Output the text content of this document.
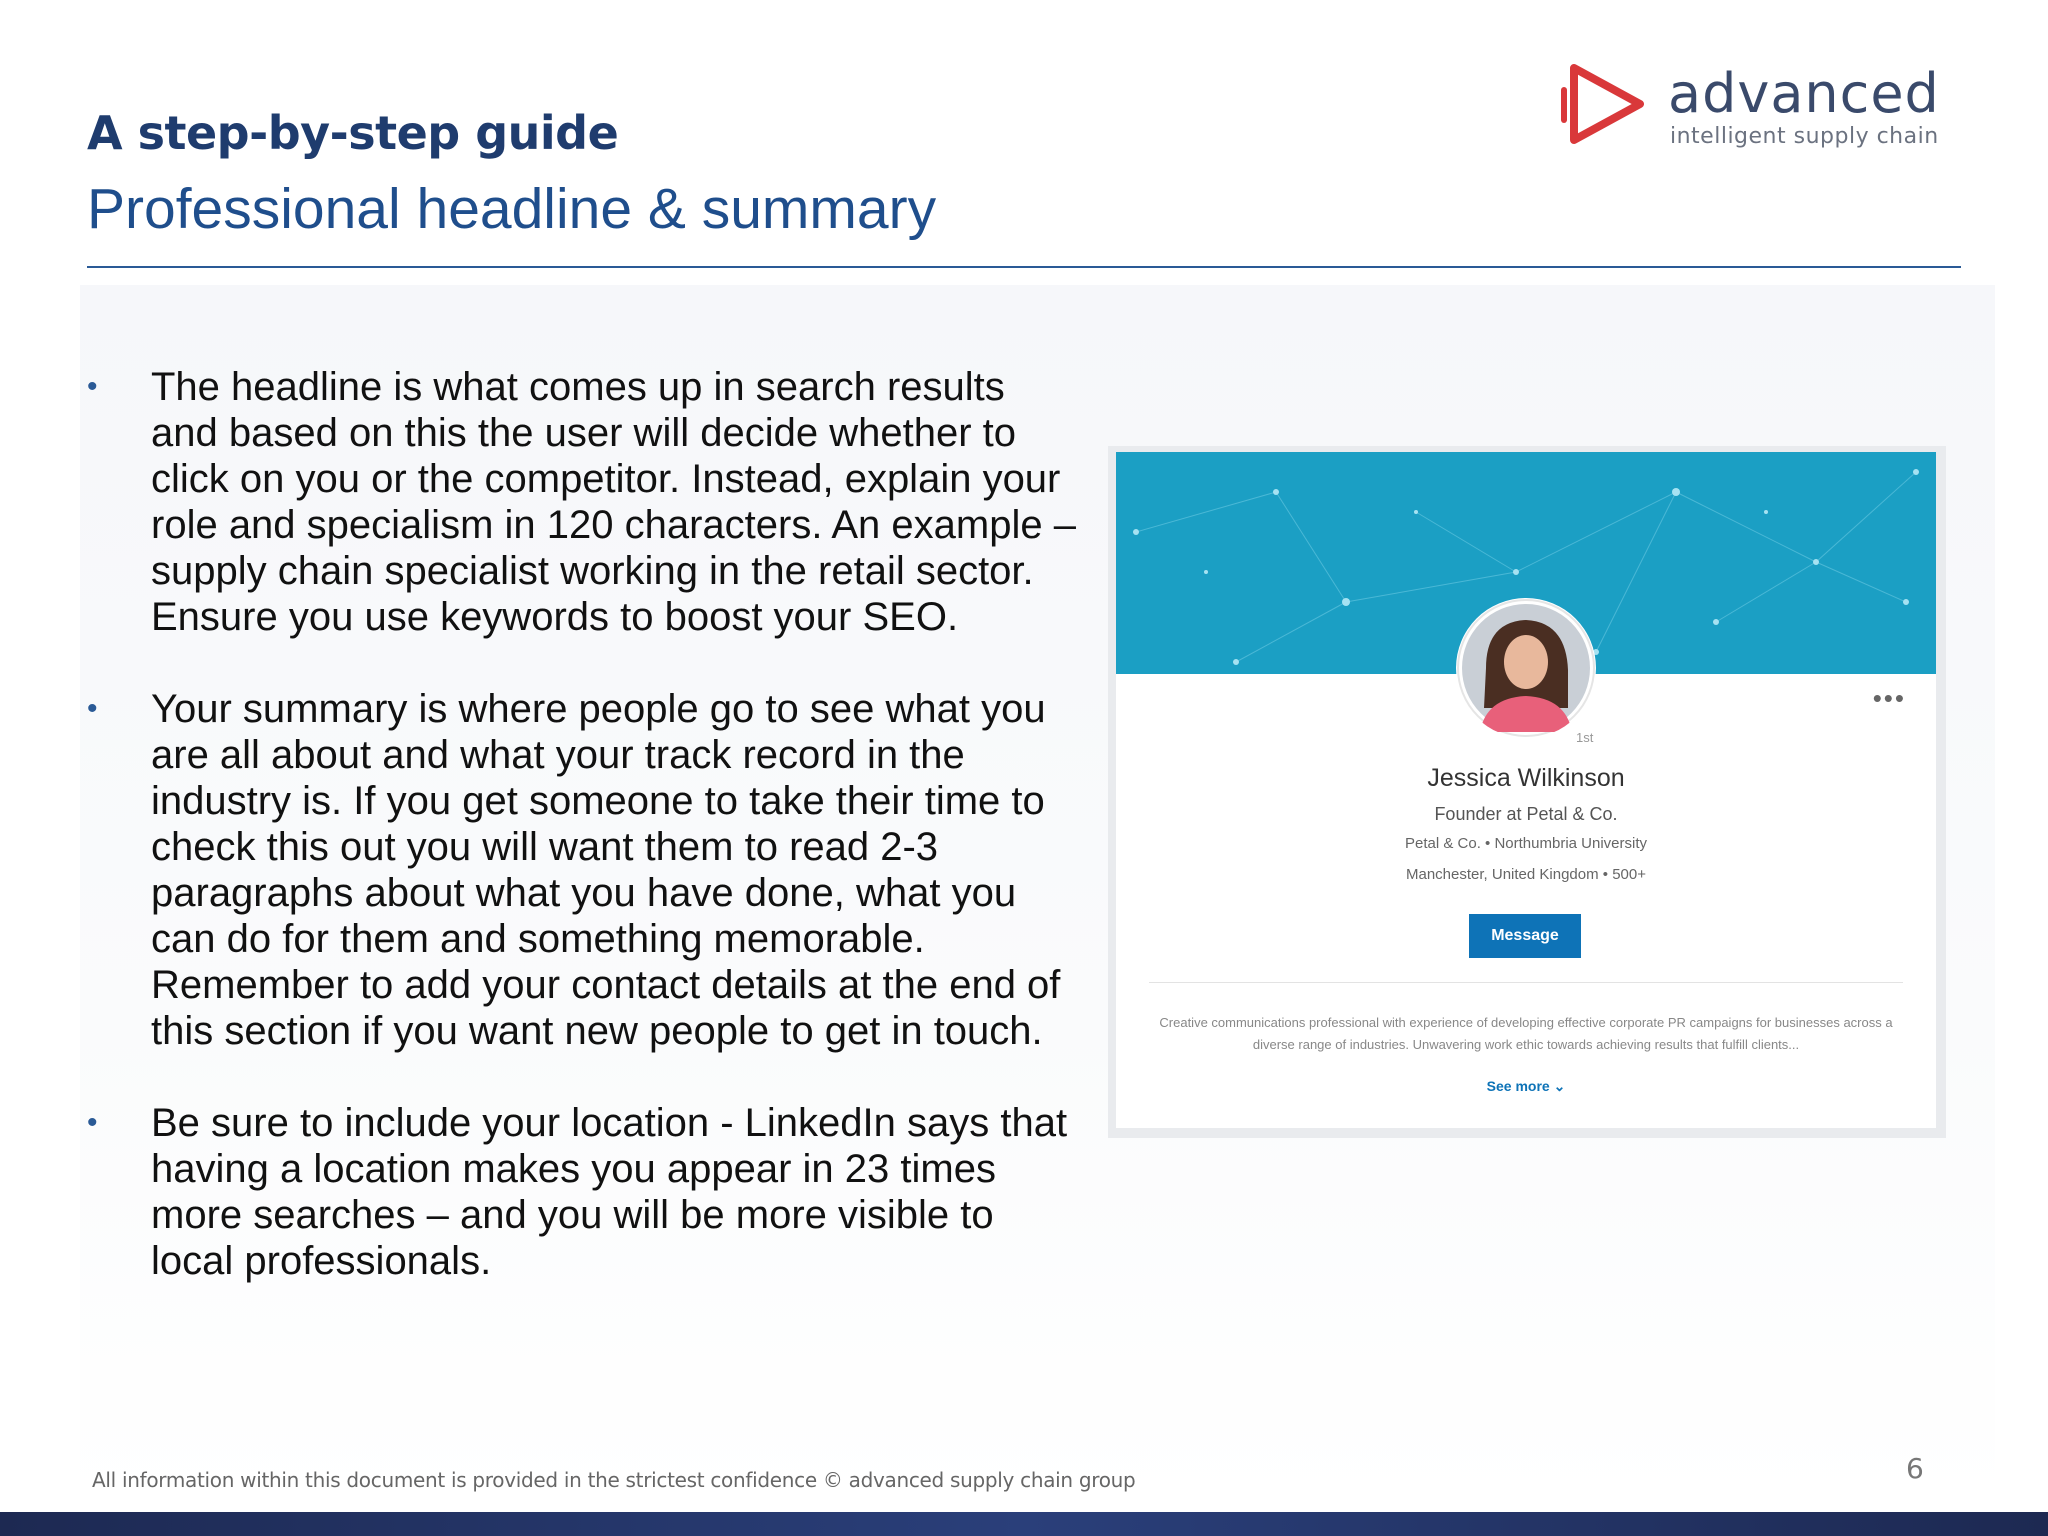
A step-by-step guide
Professional headline & summary
advanced
intelligent supply chain
• The headline is what comes up in search results and based on this the user will decide whether to click on you or the competitor. Instead, explain your role and specialism in 120 characters. An example –supply chain specialist working in the retail sector. Ensure you use keywords to boost your SEO.
• Your summary is where people go to see what you are all about and what your track record in the industry is. If you get someone to take their time to check this out you will want them to read 2-3 paragraphs about what you have done, what you can do for them and something memorable. Remember to add your contact details at the end of this section if you want new people to get in touch.
• Be sure to include your location - LinkedIn says that having a location makes you appear in 23 times more searches – and you will be more visible to local professionals.
1st
•••
Jessica Wilkinson
Founder at Petal & Co.
Petal & Co. • Northumbria University
Manchester, United Kingdom • 500+
Message
Creative communications professional with experience of developing effective corporate PR campaigns for businesses across a diverse range of industries. Unwavering work ethic towards achieving results that fulfill clients...
See more ⌄
All information within this document is provided in the strictest confidence © advanced supply chain group	6
